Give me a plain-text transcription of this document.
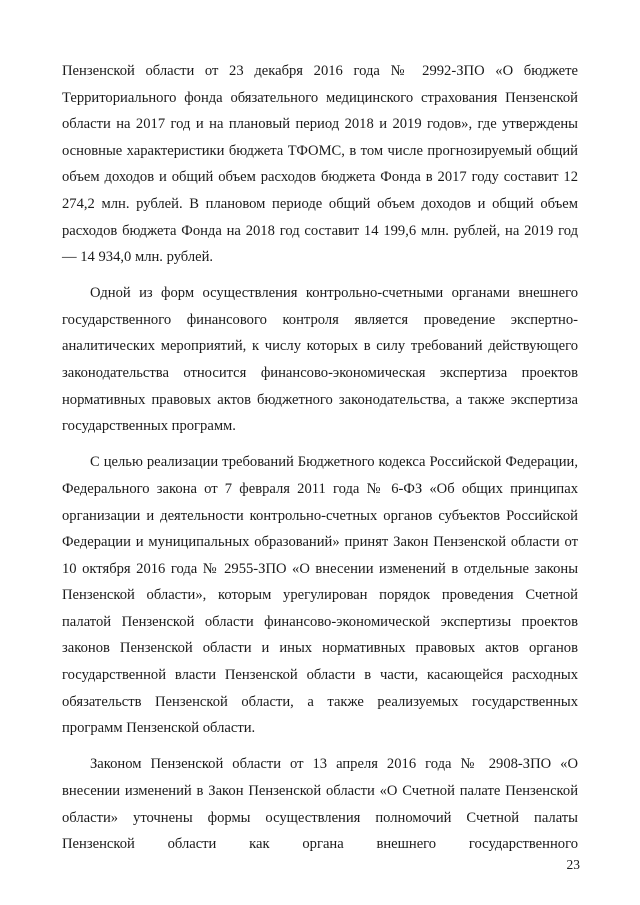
Пензенской области от 23 декабря 2016 года № 2992-ЗПО «О бюджете Территориального фонда обязательного медицинского страхования Пензенской области на 2017 год и на плановый период 2018 и 2019 годов», где утверждены основные характеристики бюджета ТФОМС, в том числе прогнозируемый общий объем доходов и общий объем расходов бюджета Фонда в 2017 году составит 12 274,2 млн. рублей. В плановом периоде общий объем доходов и общий объем расходов бюджета Фонда на 2018 год составит 14 199,6 млн. рублей, на 2019 год — 14 934,0 млн. рублей.

Одной из форм осуществления контрольно-счетными органами внешнего государственного финансового контроля является проведение экспертно-аналитических мероприятий, к числу которых в силу требований действующего законодательства относится финансово-экономическая экспертиза проектов нормативных правовых актов бюджетного законодательства, а также экспертиза государственных программ.

С целью реализации требований Бюджетного кодекса Российской Федерации, Федерального закона от 7 февраля 2011 года № 6-ФЗ «Об общих принципах организации и деятельности контрольно-счетных органов субъектов Российской Федерации и муниципальных образований» принят Закон Пензенской области от 10 октября 2016 года № 2955-ЗПО «О внесении изменений в отдельные законы Пензенской области», которым урегулирован порядок проведения Счетной палатой Пензенской области финансово-экономической экспертизы проектов законов Пензенской области и иных нормативных правовых актов органов государственной власти Пензенской области в части, касающейся расходных обязательств Пензенской области, а также реализуемых государственных программ Пензенской области.

Законом Пензенской области от 13 апреля 2016 года № 2908-ЗПО «О внесении изменений в Закон Пензенской области «О Счетной палате Пензенской области» уточнены формы осуществления полномочий Счетной палаты Пензенской области как органа внешнего государственного

23
